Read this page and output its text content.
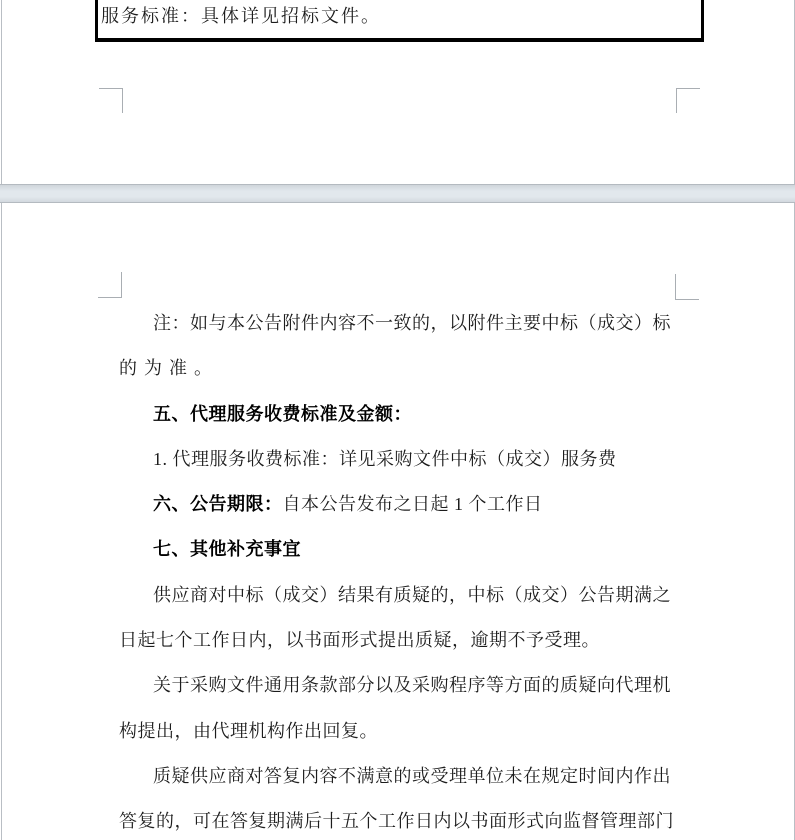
服务标准：具体详见招标文件。
注：如与本公告附件内容不一致的，以附件主要中标（成交）标
的为准。
五、代理服务收费标准及金额：
1. 代理服务收费标准：详见采购文件中标（成交）服务费
六、公告期限：自本公告发布之日起 1 个工作日
七、其他补充事宜
供应商对中标（成交）结果有质疑的，中标（成交）公告期满之
日起七个工作日内，以书面形式提出质疑，逾期不予受理。
关于采购文件通用条款部分以及采购程序等方面的质疑向代理机
构提出，由代理机构作出回复。
质疑供应商对答复内容不满意的或受理单位未在规定时间内作出
答复的，可在答复期满后十五个工作日内以书面形式向监督管理部门
